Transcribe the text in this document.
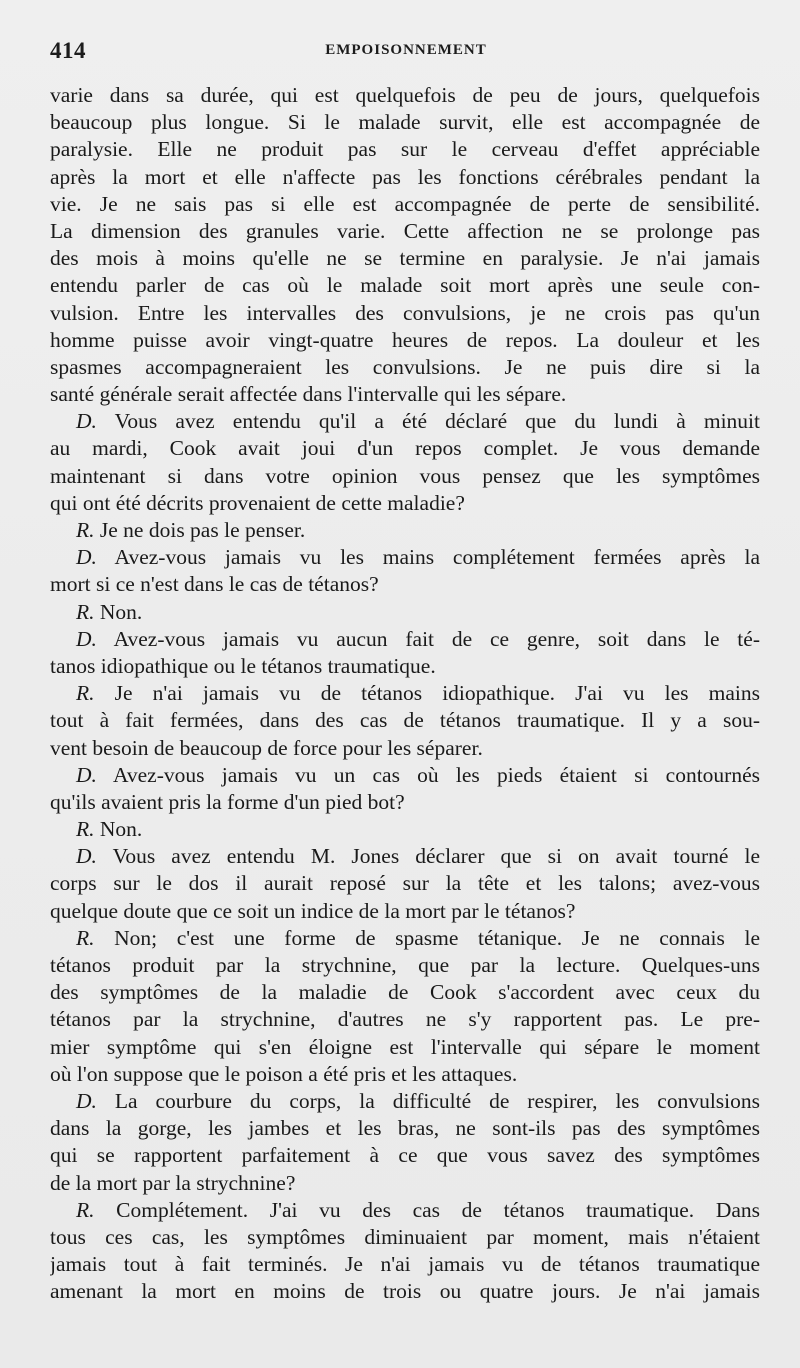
414	EMPOISONNEMENT
varie dans sa durée, qui est quelquefois de peu de jours, quelquefois
beaucoup plus longue. Si le malade survit, elle est accompagnée de
paralysie. Elle ne produit pas sur le cerveau d'effet appréciable
après la mort et elle n'affecte pas les fonctions cérébrales pendant la
vie. Je ne sais pas si elle est accompagnée de perte de sensibilité.
La dimension des granules varie. Cette affection ne se prolonge pas
des mois à moins qu'elle ne se termine en paralysie. Je n'ai jamais
entendu parler de cas où le malade soit mort après une seule con-
vulsion. Entre les intervalles des convulsions, je ne crois pas qu'un
homme puisse avoir vingt-quatre heures de repos. La douleur et les
spasmes accompagneraient les convulsions. Je ne puis dire si la
santé générale serait affectée dans l'intervalle qui les sépare.
D. Vous avez entendu qu'il a été déclaré que du lundi à minuit
au mardi, Cook avait joui d'un repos complet. Je vous demande
maintenant si dans votre opinion vous pensez que les symptômes
qui ont été décrits provenaient de cette maladie?
R. Je ne dois pas le penser.
D. Avez-vous jamais vu les mains complétement fermées après la
mort si ce n'est dans le cas de tétanos?
R. Non.
D. Avez-vous jamais vu aucun fait de ce genre, soit dans le té-
tanos idiopathique ou le tétanos traumatique.
R. Je n'ai jamais vu de tétanos idiopathique. J'ai vu les mains
tout à fait fermées, dans des cas de tétanos traumatique. Il y a sou-
vent besoin de beaucoup de force pour les séparer.
D. Avez-vous jamais vu un cas où les pieds étaient si contournés
qu'ils avaient pris la forme d'un pied bot?
R. Non.
D. Vous avez entendu M. Jones déclarer que si on avait tourné le
corps sur le dos il aurait reposé sur la tête et les talons; avez-vous
quelque doute que ce soit un indice de la mort par le tétanos?
R. Non; c'est une forme de spasme tétanique. Je ne connais le
tétanos produit par la strychnine, que par la lecture. Quelques-uns
des symptômes de la maladie de Cook s'accordent avec ceux du
tétanos par la strychnine, d'autres ne s'y rapportent pas. Le pre-
mier symptôme qui s'en éloigne est l'intervalle qui sépare le moment
où l'on suppose que le poison a été pris et les attaques.
D. La courbure du corps, la difficulté de respirer, les convulsions
dans la gorge, les jambes et les bras, ne sont-ils pas des symptômes
qui se rapportent parfaitement à ce que vous savez des symptômes
de la mort par la strychnine?
R. Complétement. J'ai vu des cas de tétanos traumatique. Dans
tous ces cas, les symptômes diminuaient par moment, mais n'étaient
jamais tout à fait terminés. Je n'ai jamais vu de tétanos traumatique
amenant la mort en moins de trois ou quatre jours. Je n'ai jamais
